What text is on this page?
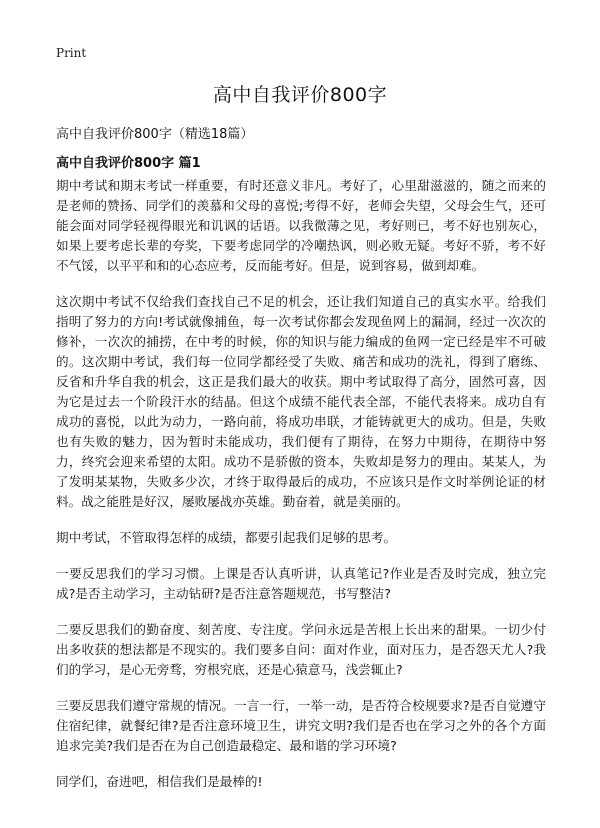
Print
高中自我评价800字
高中自我评价800字（精选18篇）
高中自我评价800字 篇1

期中考试和期末考试一样重要，有时还意义非凡。考好了，心里甜滋滋的，随之而来的是老师的赞扬、同学们的羡慕和父母的喜悦;考得不好，老师会失望，父母会生气，还可能会面对同学轻视得眼光和讥讽的话语。以我微薄之见，考好则已，考不好也别灰心，如果上要考虑长辈的夸奖，下要考虑同学的冷嘲热讽，则必败无疑。考好不骄，考不好不气馁，以平平和和的心态应考，反而能考好。但是，说到容易，做到却难。

这次期中考试不仅给我们查找自己不足的机会，还让我们知道自己的真实水平。给我们指明了努力的方向!考试就像捕鱼，每一次考试你都会发现鱼网上的漏洞，经过一次次的修补，一次次的捕捞，在中考的时候，你的知识与能力编成的鱼网一定已经是牢不可破的。这次期中考试，我们每一位同学都经受了失败、痛苦和成功的洗礼，得到了磨练、反省和升华自我的机会，这正是我们最大的收获。期中考试取得了高分，固然可喜，因为它是过去一个阶段汗水的结晶。但这个成绩不能代表全部，不能代表将来。成功自有成功的喜悦，以此为动力，一路向前，将成功串联，才能铸就更大的成功。但是，失败也有失败的魅力，因为暂时未能成功，我们便有了期待，在努力中期待，在期待中努力，终究会迎来希望的太阳。成功不是骄傲的资本，失败却是努力的理由。某某人，为了发明某某物，失败多少次，才终于取得最后的成功，不应该只是作文时举例论证的材料。战之能胜是好汉，屡败屡战亦英雄。勤奋着，就是美丽的。

期中考试，不管取得怎样的成绩，都要引起我们足够的思考。

一要反思我们的学习习惯。上课是否认真听讲，认真笔记?作业是否及时完成，独立完成?是否主动学习，主动钻研?是否注意答题规范，书写整洁?

二要反思我们的勤奋度、刻苦度、专注度。学问永远是苦根上长出来的甜果。一切少付出多收获的想法都是不现实的。我们要多自问：面对作业，面对压力，是否怨天尤人?我们的学习，是心无旁骛，穷根究底，还是心猿意马，浅尝辄止?

三要反思我们遵守常规的情况。一言一行，一举一动，是否符合校规要求?是否自觉遵守住宿纪律，就餐纪律?是否注意环境卫生，讲究文明?我们是否也在学习之外的各个方面追求完美?我们是否在为自己创造最稳定、最和谐的学习环境?

同学们，奋进吧，相信我们是最棒的!
